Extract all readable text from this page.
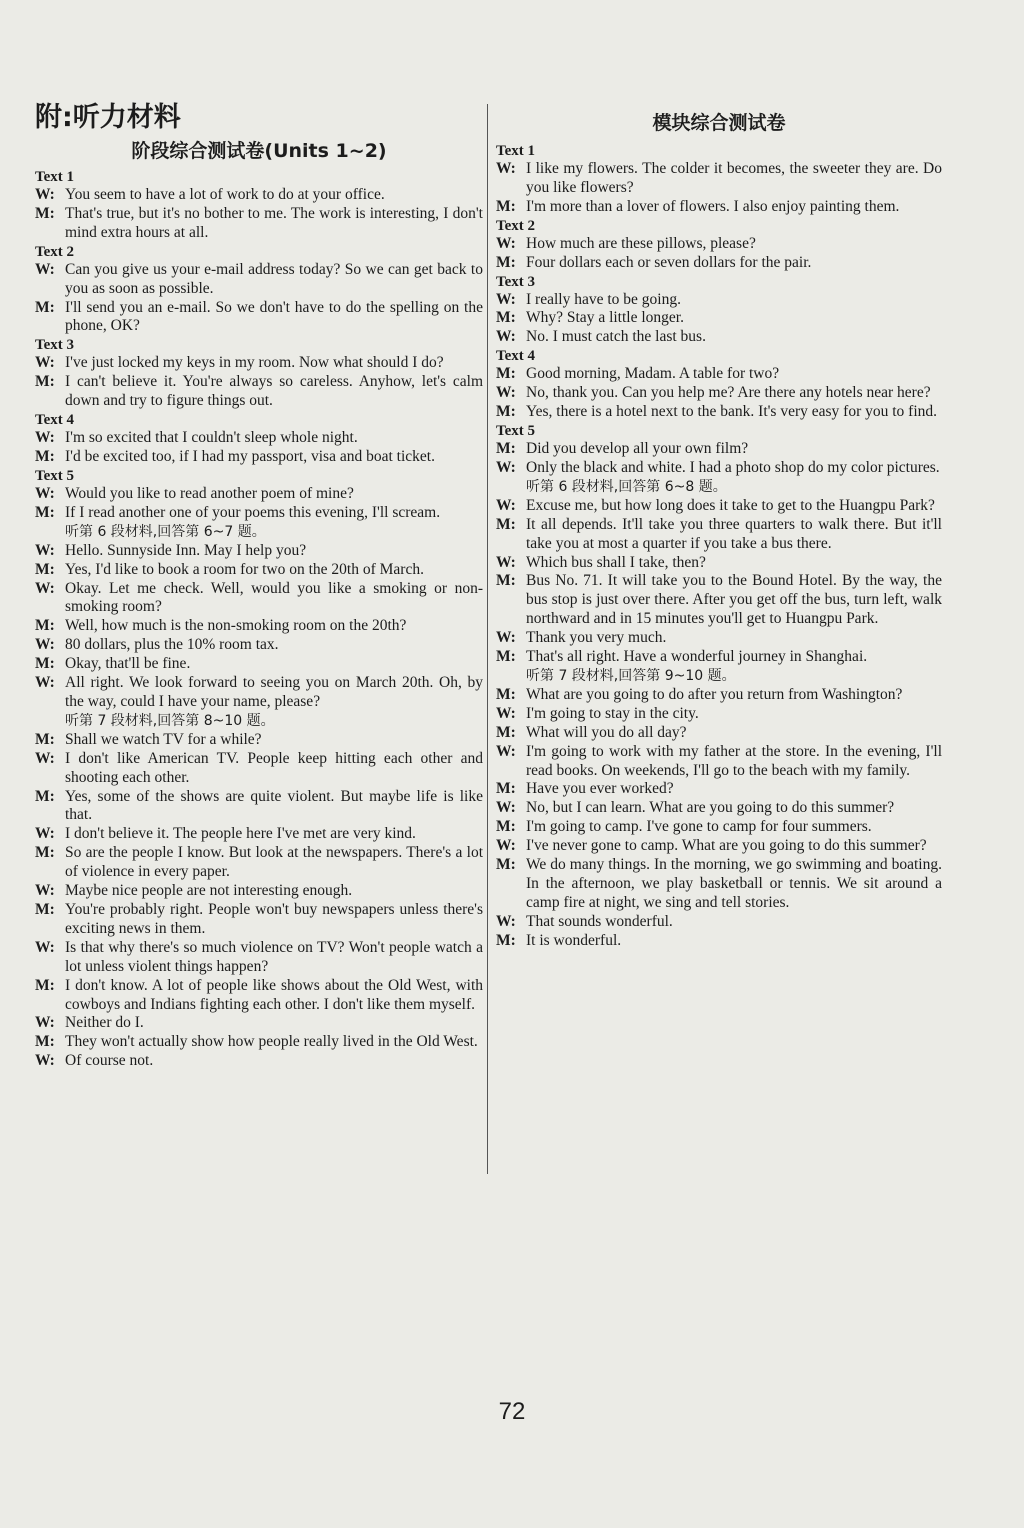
附:听力材料
阶段综合测试卷(Units 1~2)
Text 1
W: You seem to have a lot of work to do at your office.
M: That's true, but it's no bother to me. The work is interesting, I don't mind extra hours at all.
Text 2
W: Can you give us your e-mail address today? So we can get back to you as soon as possible.
M: I'll send you an e-mail. So we don't have to do the spelling on the phone, OK?
Text 3
W: I've just locked my keys in my room. Now what should I do?
M: I can't believe it. You're always so careless. Anyhow, let's calm down and try to figure things out.
Text 4
W: I'm so excited that I couldn't sleep whole night.
M: I'd be excited too, if I had my passport, visa and boat ticket.
Text 5
W: Would you like to read another poem of mine?
M: If I read another one of your poems this evening, I'll scream.
听第 6 段材料,回答第 6~7 题。
W: Hello. Sunnyside Inn. May I help you?
M: Yes, I'd like to book a room for two on the 20th of March.
W: Okay. Let me check. Well, would you like a smoking or non-smoking room?
M: Well, how much is the non-smoking room on the 20th?
W: 80 dollars, plus the 10% room tax.
M: Okay, that'll be fine.
W: All right. We look forward to seeing you on March 20th. Oh, by the way, could I have your name, please?
听第 7 段材料,回答第 8~10 题。
M: Shall we watch TV for a while?
W: I don't like American TV. People keep hitting each other and shooting each other.
M: Yes, some of the shows are quite violent. But maybe life is like that.
W: I don't believe it. The people here I've met are very kind.
M: So are the people I know. But look at the newspapers. There's a lot of violence in every paper.
W: Maybe nice people are not interesting enough.
M: You're probably right. People won't buy newspapers unless there's exciting news in them.
W: Is that why there's so much violence on TV? Won't people watch a lot unless violent things happen?
M: I don't know. A lot of people like shows about the Old West, with cowboys and Indians fighting each other. I don't like them myself.
W: Neither do I.
M: They won't actually show how people really lived in the Old West.
W: Of course not.
模块综合测试卷
Text 1
W: I like my flowers. The colder it becomes, the sweeter they are. Do you like flowers?
M: I'm more than a lover of flowers. I also enjoy painting them.
Text 2
W: How much are these pillows, please?
M: Four dollars each or seven dollars for the pair.
Text 3
W: I really have to be going.
M: Why? Stay a little longer.
W: No. I must catch the last bus.
Text 4
M: Good morning, Madam. A table for two?
W: No, thank you. Can you help me? Are there any hotels near here?
M: Yes, there is a hotel next to the bank. It's very easy for you to find.
Text 5
M: Did you develop all your own film?
W: Only the black and white. I had a photo shop do my color pictures.
听第 6 段材料,回答第 6~8 题。
W: Excuse me, but how long does it take to get to the Huangpu Park?
M: It all depends. It'll take you three quarters to walk there. But it'll take you at most a quarter if you take a bus there.
W: Which bus shall I take, then?
M: Bus No. 71. It will take you to the Bound Hotel. By the way, the bus stop is just over there. After you get off the bus, turn left, walk northward and in 15 minutes you'll get to Huangpu Park.
W: Thank you very much.
M: That's all right. Have a wonderful journey in Shanghai.
听第 7 段材料,回答第 9~10 题。
M: What are you going to do after you return from Washington?
W: I'm going to stay in the city.
M: What will you do all day?
W: I'm going to work with my father at the store. In the evening, I'll read books. On weekends, I'll go to the beach with my family.
M: Have you ever worked?
W: No, but I can learn. What are you going to do this summer?
M: I'm going to camp. I've gone to camp for four summers.
W: I've never gone to camp. What are you going to do this summer?
M: We do many things. In the morning, we go swimming and boating. In the afternoon, we play basketball or tennis. We sit around a camp fire at night, we sing and tell stories.
W: That sounds wonderful.
M: It is wonderful.
72
